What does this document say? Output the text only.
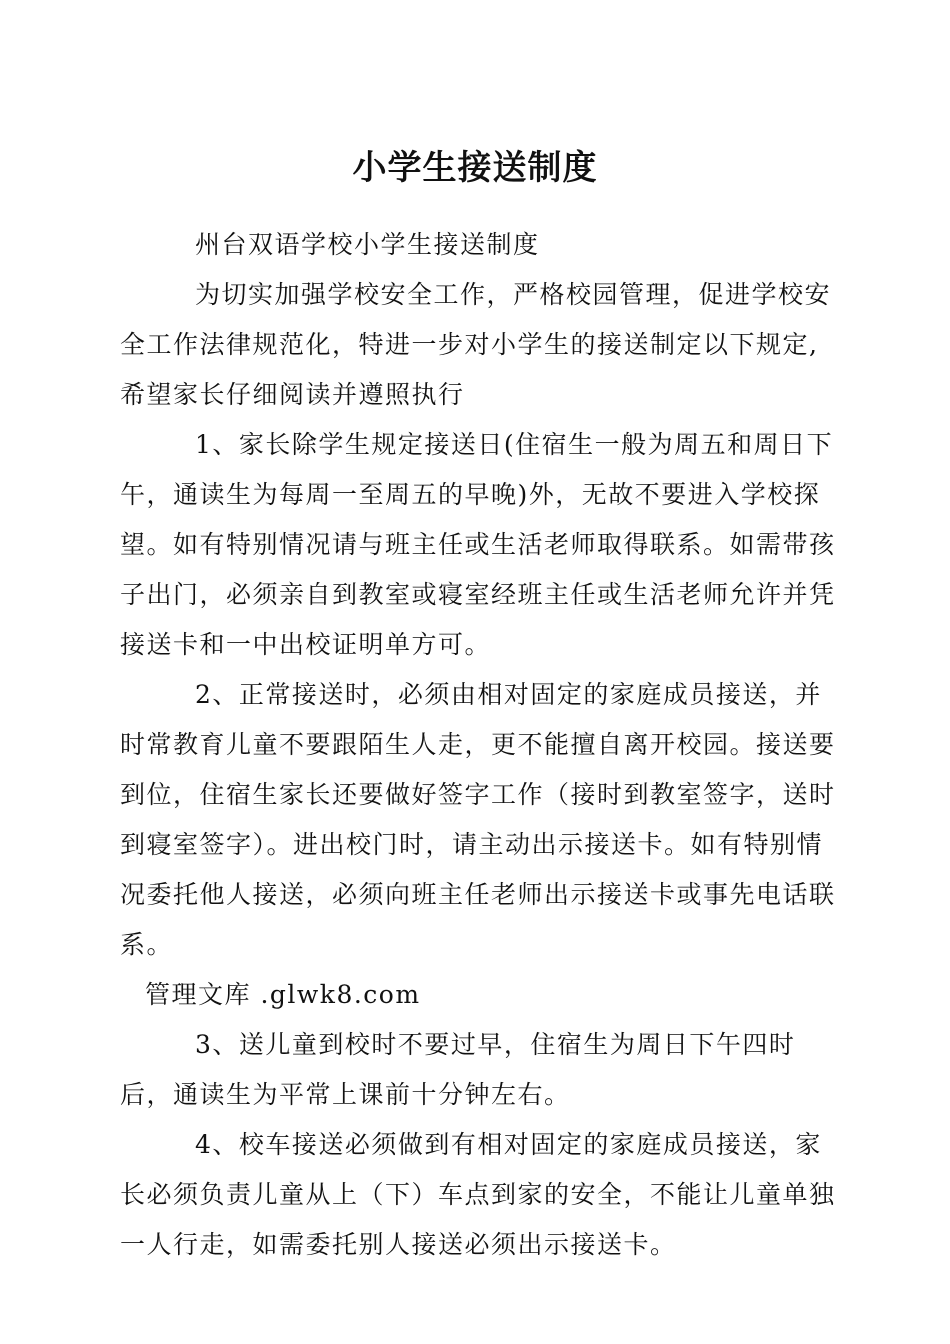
小学生接送制度

州台双语学校小学生接送制度

为切实加强学校安全工作，严格校园管理，促进学校安全工作法律规范化，特进一步对小学生的接送制定以下规定,希望家长仔细阅读并遵照执行

1、家长除学生规定接送日(住宿生一般为周五和周日下午，通读生为每周一至周五的早晚)外，无故不要进入学校探望。如有特别情况请与班主任或生活老师取得联系。如需带孩子出门，必须亲自到教室或寝室经班主任或生活老师允许并凭接送卡和一中出校证明单方可。

2、正常接送时，必须由相对固定的家庭成员接送，并时常教育儿童不要跟陌生人走，更不能擅自离开校园。接送要到位，住宿生家长还要做好签字工作（接时到教室签字，送时到寝室签字）。进出校门时，请主动出示接送卡。如有特别情况委托他人接送，必须向班主任老师出示接送卡或事先电话联系。

管理文库 .glwk8.com

3、送儿童到校时不要过早，住宿生为周日下午四时后，通读生为平常上课前十分钟左右。

4、校车接送必须做到有相对固定的家庭成员接送，家长必须负责儿童从上（下）车点到家的安全，不能让儿童单独一人行走，如需委托别人接送必须出示接送卡。
